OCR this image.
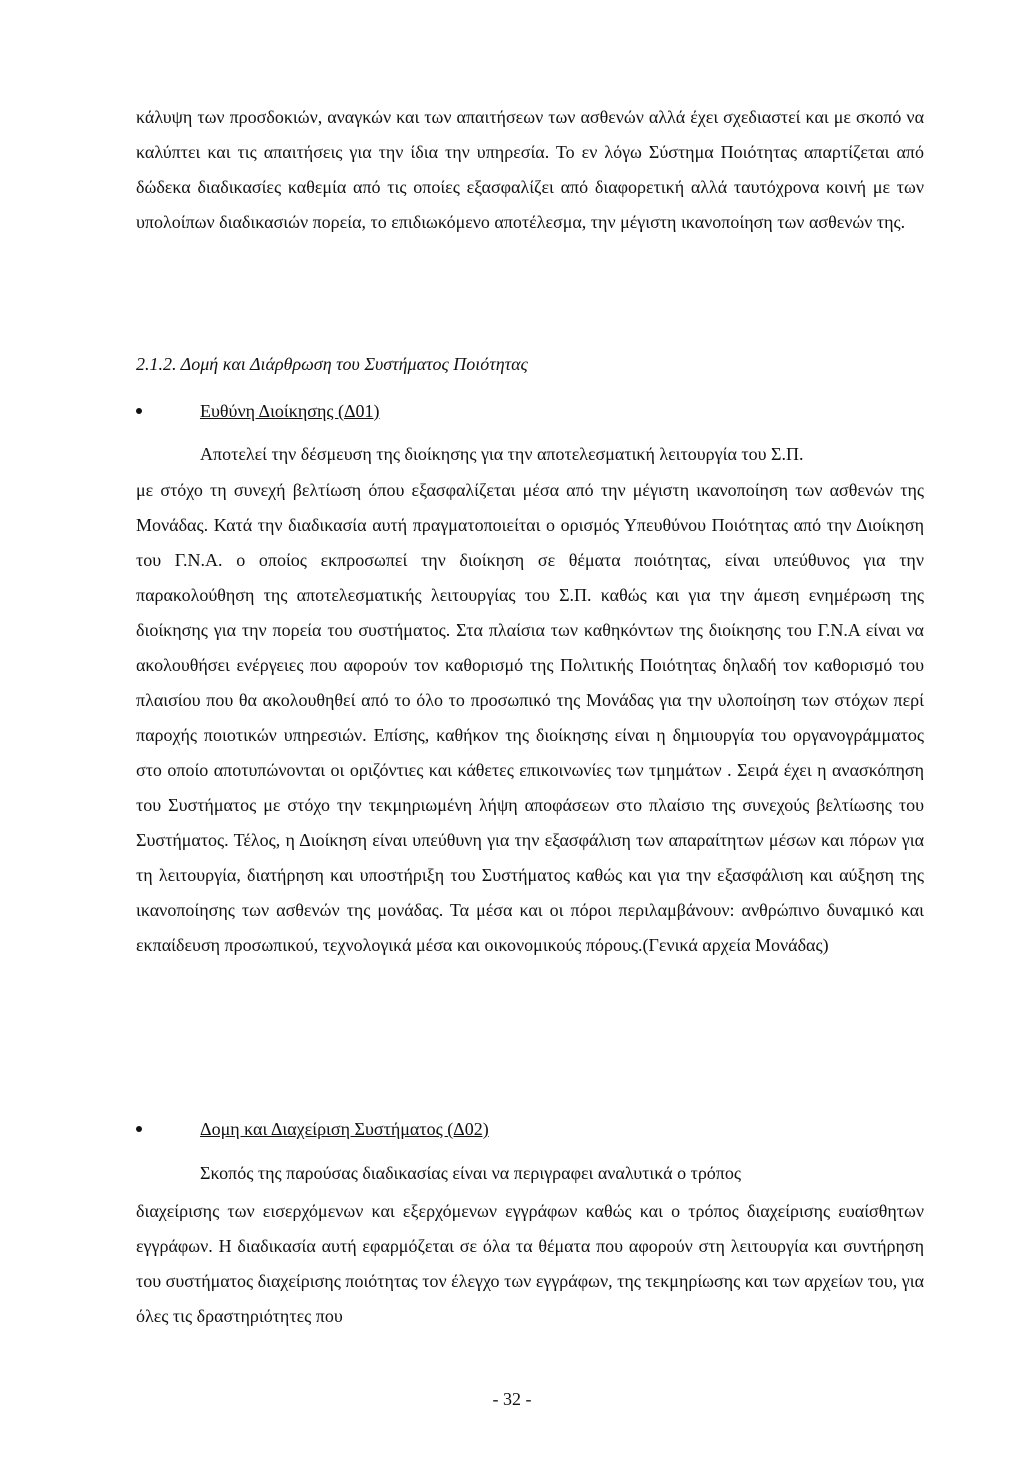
κάλυψη των προσδοκιών, αναγκών και των απαιτήσεων των ασθενών αλλά έχει σχεδιαστεί και με σκοπό να καλύπτει και τις απαιτήσεις για την ίδια την υπηρεσία. Το εν λόγω Σύστημα Ποιότητας απαρτίζεται από δώδεκα διαδικασίες καθεμία από τις οποίες εξασφαλίζει από διαφορετική αλλά ταυτόχρονα κοινή με των υπολοίπων διαδικασιών πορεία, το επιδιωκόμενο αποτέλεσμα, την μέγιστη ικανοποίηση των ασθενών της.

2.1.2. Δομή και Διάρθρωση του Συστήματος Ποιότητας

Ευθύνη Διοίκησης (Δ01)

Αποτελεί την δέσμευση της διοίκησης για την αποτελεσματική λειτουργία του Σ.Π.

με στόχο τη συνεχή βελτίωση όπου εξασφαλίζεται μέσα από την μέγιστη ικανοποίηση των ασθενών της Μονάδας. Κατά την διαδικασία αυτή πραγματοποιείται ο ορισμός Υπευθύνου Ποιότητας από την Διοίκηση του Γ.Ν.Α. ο οποίος εκπροσωπεί την διοίκηση σε θέματα ποιότητας, είναι υπεύθυνος για την παρακολούθηση της αποτελεσματικής λειτουργίας του Σ.Π. καθώς και για την άμεση ενημέρωση της διοίκησης για την πορεία του συστήματος. Στα πλαίσια των καθηκόντων της διοίκησης του Γ.Ν.Α είναι να ακολουθήσει ενέργειες που αφορούν τον καθορισμό της Πολιτικής Ποιότητας δηλαδή τον καθορισμό του πλαισίου που θα ακολουθηθεί από το όλο το προσωπικό της Μονάδας για την υλοποίηση των στόχων περί παροχής ποιοτικών υπηρεσιών. Επίσης, καθήκον της διοίκησης είναι η δημιουργία του οργανογράμματος στο οποίο αποτυπώνονται οι οριζόντιες και κάθετες επικοινωνίες των τμημάτων . Σειρά έχει η ανασκόπηση του Συστήματος με στόχο την τεκμηριωμένη λήψη αποφάσεων στο πλαίσιο της συνεχούς βελτίωσης του Συστήματος. Τέλος, η Διοίκηση είναι υπεύθυνη για την εξασφάλιση των απαραίτητων μέσων και πόρων για τη λειτουργία, διατήρηση και υποστήριξη του Συστήματος καθώς και για την εξασφάλιση και αύξηση της ικανοποίησης των ασθενών της μονάδας. Τα μέσα και οι πόροι περιλαμβάνουν: ανθρώπινο δυναμικό και εκπαίδευση προσωπικού, τεχνολογικά μέσα και οικονομικούς πόρους.(Γενικά αρχεία Μονάδας)

Δομη και Διαχείριση Συστήματος (Δ02)

Σκοπός της παρούσας διαδικασίας είναι να περιγραφει αναλυτικά ο τρόπος

διαχείρισης των εισερχόμενων και εξερχόμενων εγγράφων καθώς και ο τρόπος διαχείρισης ευαίσθητων εγγράφων. Η διαδικασία αυτή εφαρμόζεται σε όλα τα θέματα που αφορούν στη λειτουργία και συντήρηση του συστήματος διαχείρισης ποιότητας τον έλεγχο των εγγράφων, της τεκμηρίωσης και των αρχείων του, για όλες τις δραστηριότητες που

- 32 -
